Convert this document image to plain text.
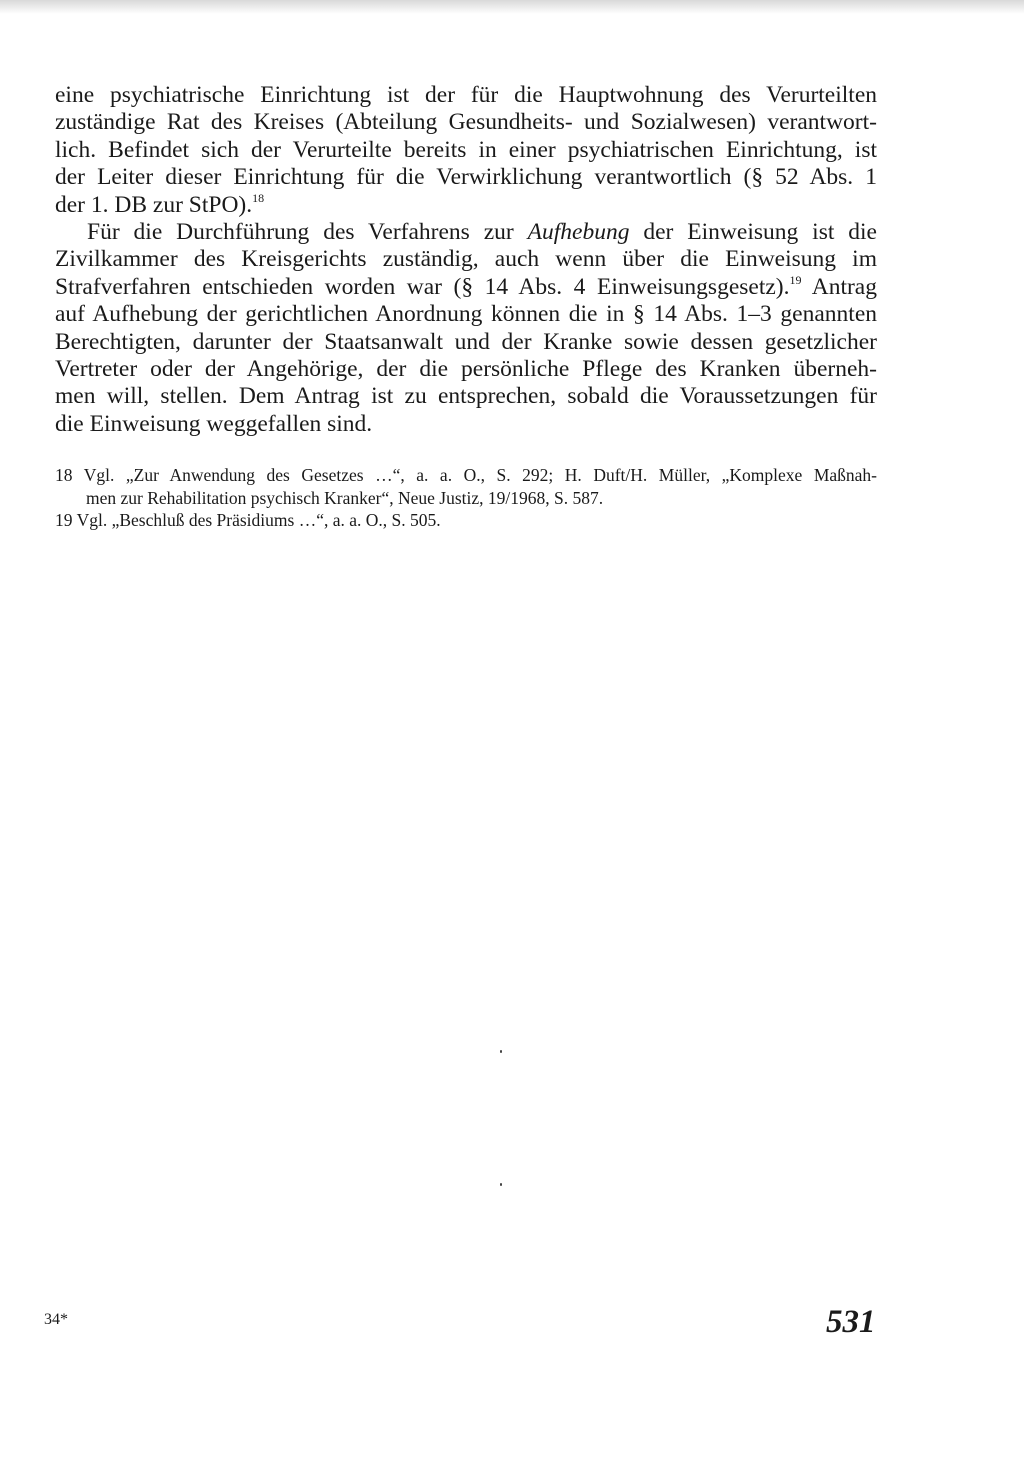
eine psychiatrische Einrichtung ist der für die Hauptwohnung des Verurteilten
zuständige Rat des Kreises (Abteilung Gesundheits- und Sozialwesen) verantwort-
lich. Befindet sich der Verurteilte bereits in einer psychiatrischen Einrichtung, ist
der Leiter dieser Einrichtung für die Verwirklichung verantwortlich (§ 52 Abs. 1
der 1. DB zur StPO).$^{18}$

Für die Durchführung des Verfahrens zur Aufhebung der Einweisung ist die
Zivilkammer des Kreisgerichts zuständig, auch wenn über die Einweisung im
Strafverfahren entschieden worden war (§ 14 Abs. 4 Einweisungsgesetz).$^{19}$ Antrag
auf Aufhebung der gerichtlichen Anordnung können die in § 14 Abs. 1–3 genannten
Berechtigten, darunter der Staatsanwalt und der Kranke sowie dessen gesetzlicher
Vertreter oder der Angehörige, der die persönliche Pflege des Kranken überneh-
men will, stellen. Dem Antrag ist zu entsprechen, sobald die Voraussetzungen für
die Einweisung weggefallen sind.

18 Vgl. „Zur Anwendung des Gesetzes …“, a. a. O., S. 292; H. Duft/H. Müller, „Komplexe Maßnah-
men zur Rehabilitation psychisch Kranker“, Neue Justiz, 19/1968, S. 587.

19 Vgl. „Beschluß des Präsidiums …“, a. a. O., S. 505.

34*	531
